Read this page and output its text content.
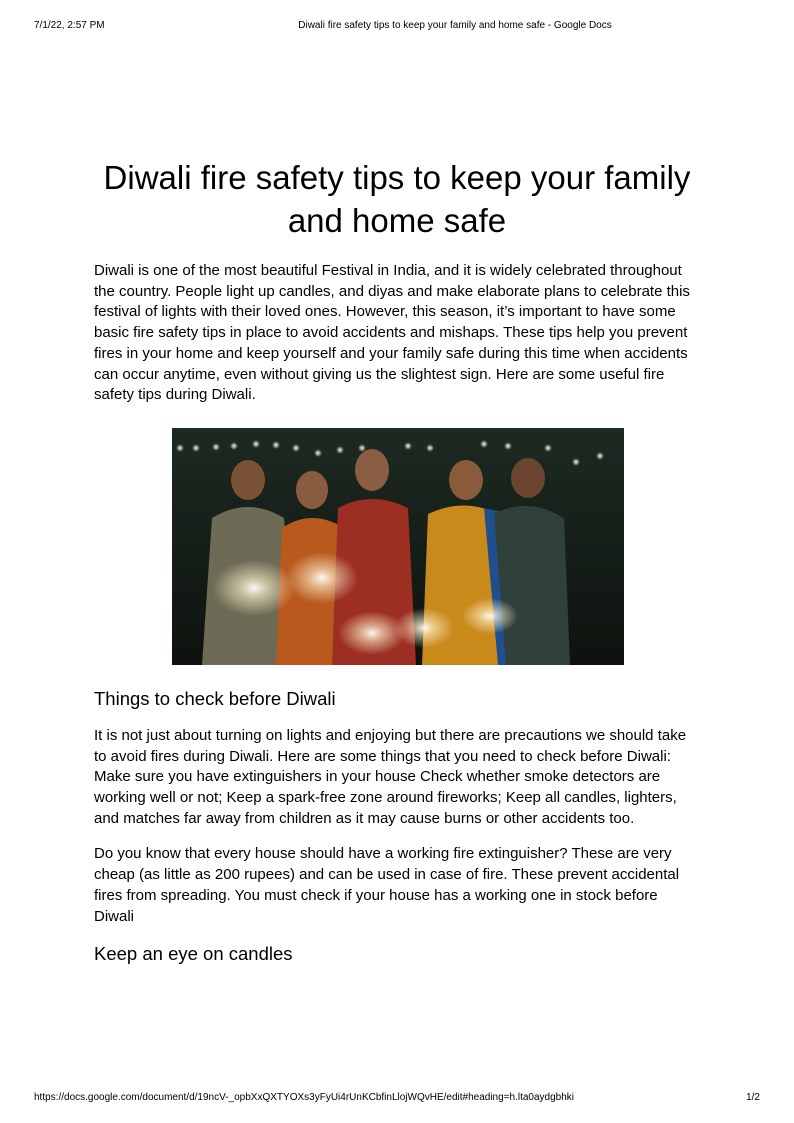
7/1/22, 2:57 PM	Diwali fire safety tips to keep your family and home safe - Google Docs
Diwali fire safety tips to keep your family and home safe

Diwali is one of the most beautiful Festival in India, and it is widely celebrated throughout the country. People light up candles, and diyas and make elaborate plans to celebrate this festival of lights with their loved ones. However, this season, it’s important to have some basic fire safety tips in place to avoid accidents and mishaps. These tips help you prevent fires in your home and keep yourself and your family safe during this time when accidents can occur anytime, even without giving us the slightest sign. Here are some useful fire safety tips during Diwali.

Things to check before Diwali

It is not just about turning on lights and enjoying but there are precautions we should take to avoid fires during Diwali. Here are some things that you need to check before Diwali: Make sure you have extinguishers in your house Check whether smoke detectors are working well or not; Keep a spark-free zone around fireworks; Keep all candles, lighters, and matches far away from children as it may cause burns or other accidents too.

Do you know that every house should have a working fire extinguisher? These are very cheap (as little as 200 rupees) and can be used in case of fire. These prevent accidental fires from spreading. You must check if your house has a working one in stock before Diwali

Keep an eye on candles
https://docs.google.com/document/d/19ncV-_opbXxQXTYOXs3yFyUi4rUnKCbfinLlojWQvHE/edit#heading=h.lta0aydgbhki	1/2
